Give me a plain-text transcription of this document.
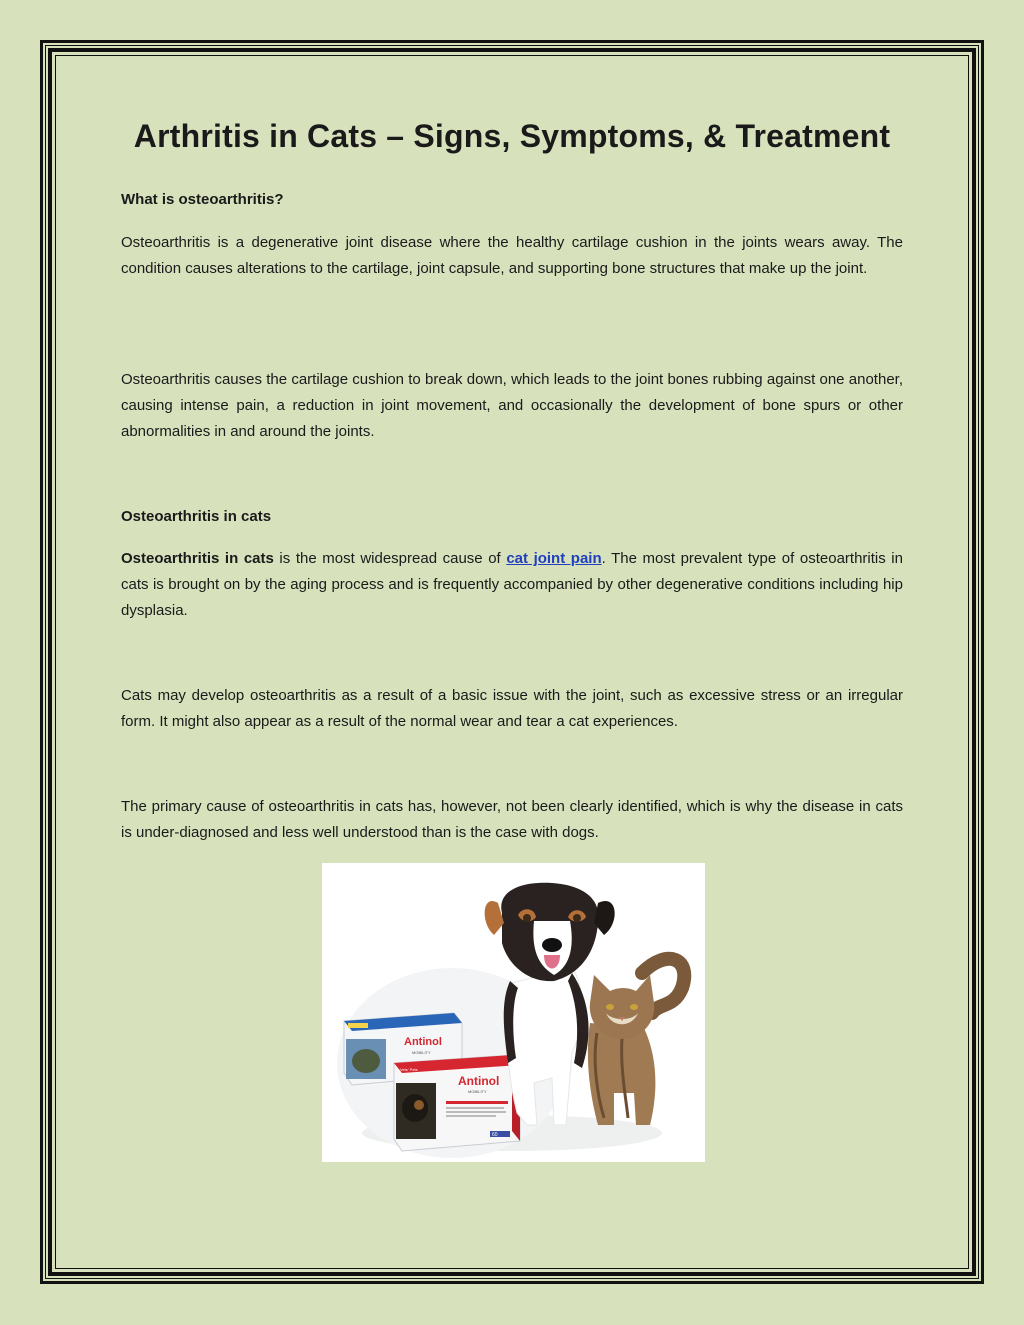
Arthritis in Cats – Signs, Symptoms, & Treatment

What is osteoarthritis?

Osteoarthritis is a degenerative joint disease where the healthy cartilage cushion in the joints wears away. The condition causes alterations to the cartilage, joint capsule, and supporting bone structures that make up the joint.

Osteoarthritis causes the cartilage cushion to break down, which leads to the joint bones rubbing against one another, causing intense pain, a reduction in joint movement, and occasionally the development of bone spurs or other abnormalities in and around the joints.

Osteoarthritis in cats

Osteoarthritis in cats is the most widespread cause of cat joint pain. The most prevalent type of osteoarthritis in cats is brought on by the aging process and is frequently accompanied by other degenerative conditions including hip dysplasia.

Cats may develop osteoarthritis as a result of a basic issue with the joint, such as excessive stress or an irregular form. It might also appear as a result of the normal wear and tear a cat experiences.

The primary cause of osteoarthritis in cats has, however, not been clearly identified, which is why the disease in cats is under-diagnosed and less well understood than is the case with dogs.

Antinol
MOBILITY
Antinol
MOBILITY
Vets' Pets
60
